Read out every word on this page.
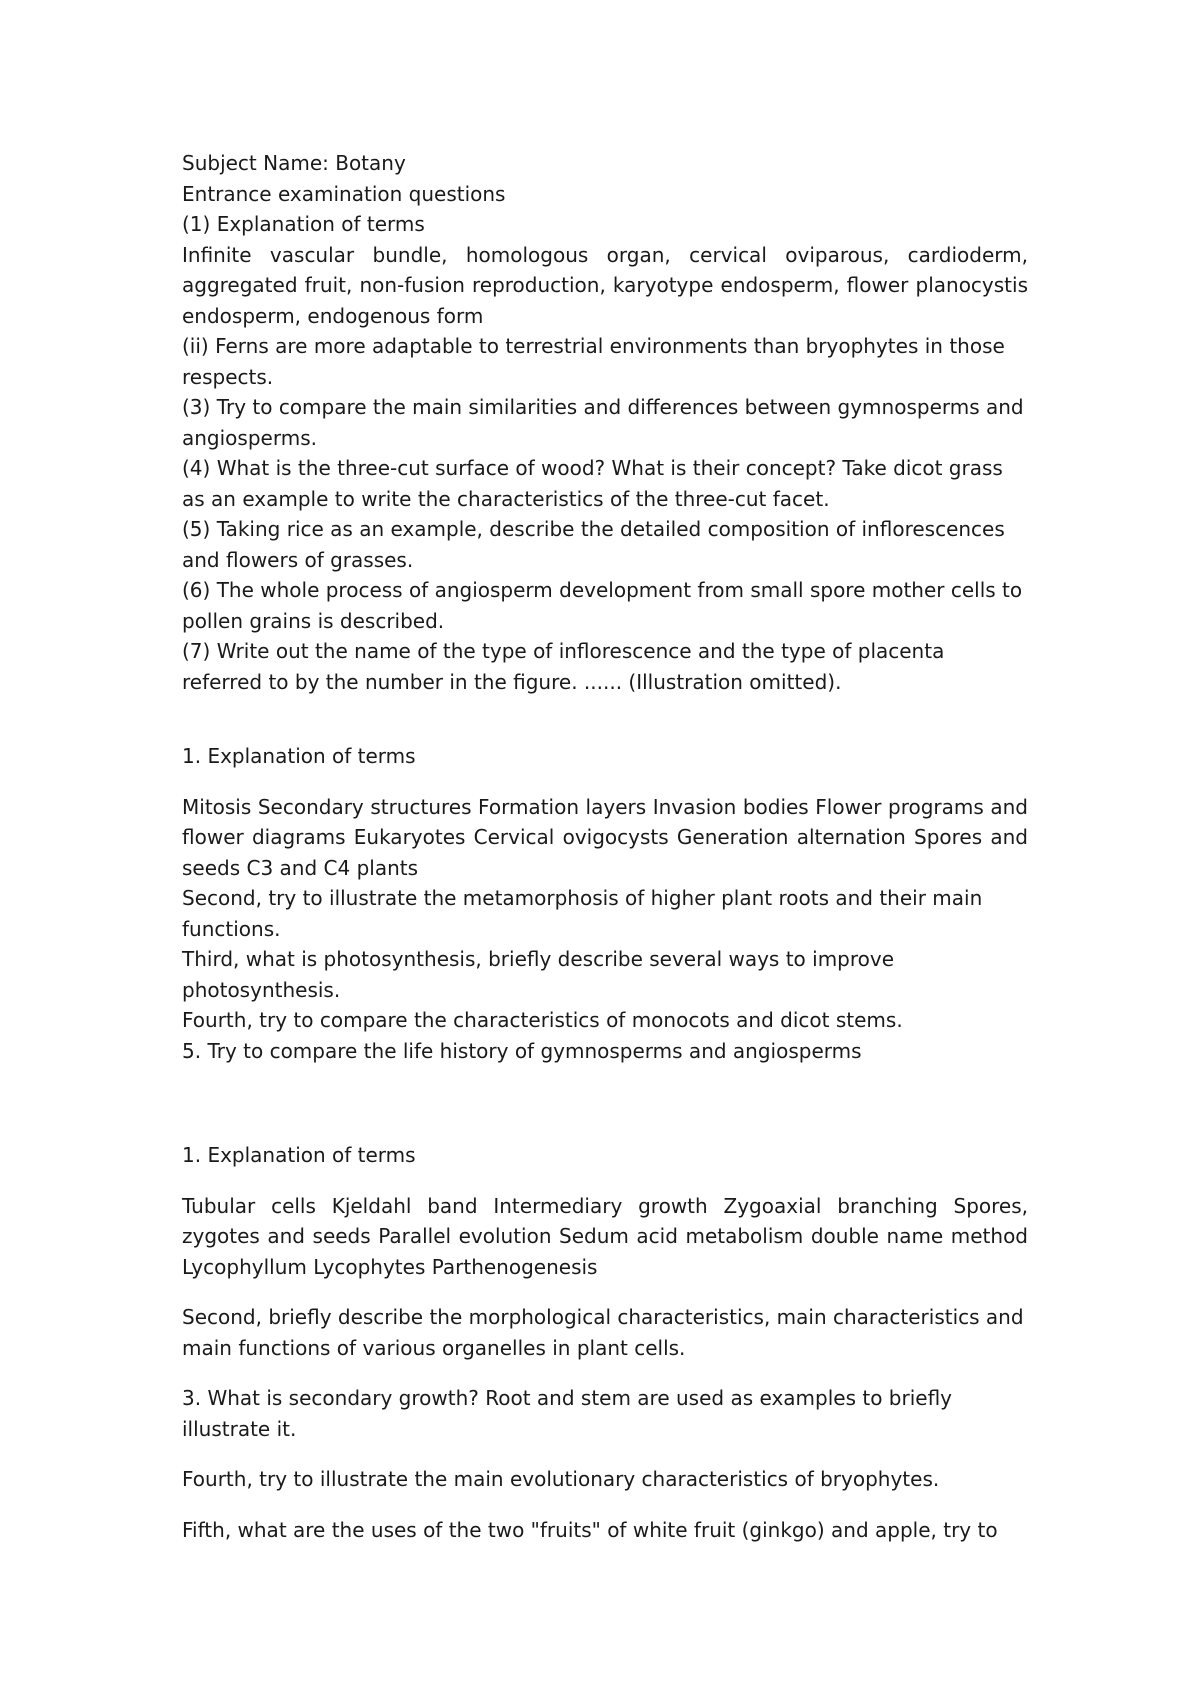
Subject Name: Botany

Entrance examination questions

(1) Explanation of terms

Infinite vascular bundle, homologous organ, cervical oviparous, cardioderm, aggregated fruit, non-fusion reproduction, karyotype endosperm, flower planocystis endosperm, endogenous form

(ii) Ferns are more adaptable to terrestrial environments than bryophytes in those respects.

(3) Try to compare the main similarities and differences between gymnosperms and angiosperms.

(4) What is the three-cut surface of wood? What is their concept? Take dicot grass as an example to write the characteristics of the three-cut facet.

(5) Taking rice as an example, describe the detailed composition of inflorescences and flowers of grasses.

(6) The whole process of angiosperm development from small spore mother cells to pollen grains is described.

(7) Write out the name of the type of inflorescence and the type of placenta referred to by the number in the figure. ...... (Illustration omitted).

1. Explanation of terms

Mitosis Secondary structures Formation layers Invasion bodies Flower programs and flower diagrams Eukaryotes Cervical ovigocysts Generation alternation Spores and seeds C3 and C4 plants

Second, try to illustrate the metamorphosis of higher plant roots and their main functions.

Third, what is photosynthesis, briefly describe several ways to improve photosynthesis.

Fourth, try to compare the characteristics of monocots and dicot stems.

5. Try to compare the life history of gymnosperms and angiosperms

1. Explanation of terms

Tubular cells Kjeldahl band Intermediary growth Zygoaxial branching Spores, zygotes and seeds Parallel evolution Sedum acid metabolism double name method Lycophyllum Lycophytes Parthenogenesis

Second, briefly describe the morphological characteristics, main characteristics and main functions of various organelles in plant cells.

3. What is secondary growth? Root and stem are used as examples to briefly illustrate it.

Fourth, try to illustrate the main evolutionary characteristics of bryophytes.

Fifth, what are the uses of the two "fruits" of white fruit (ginkgo) and apple, try to
